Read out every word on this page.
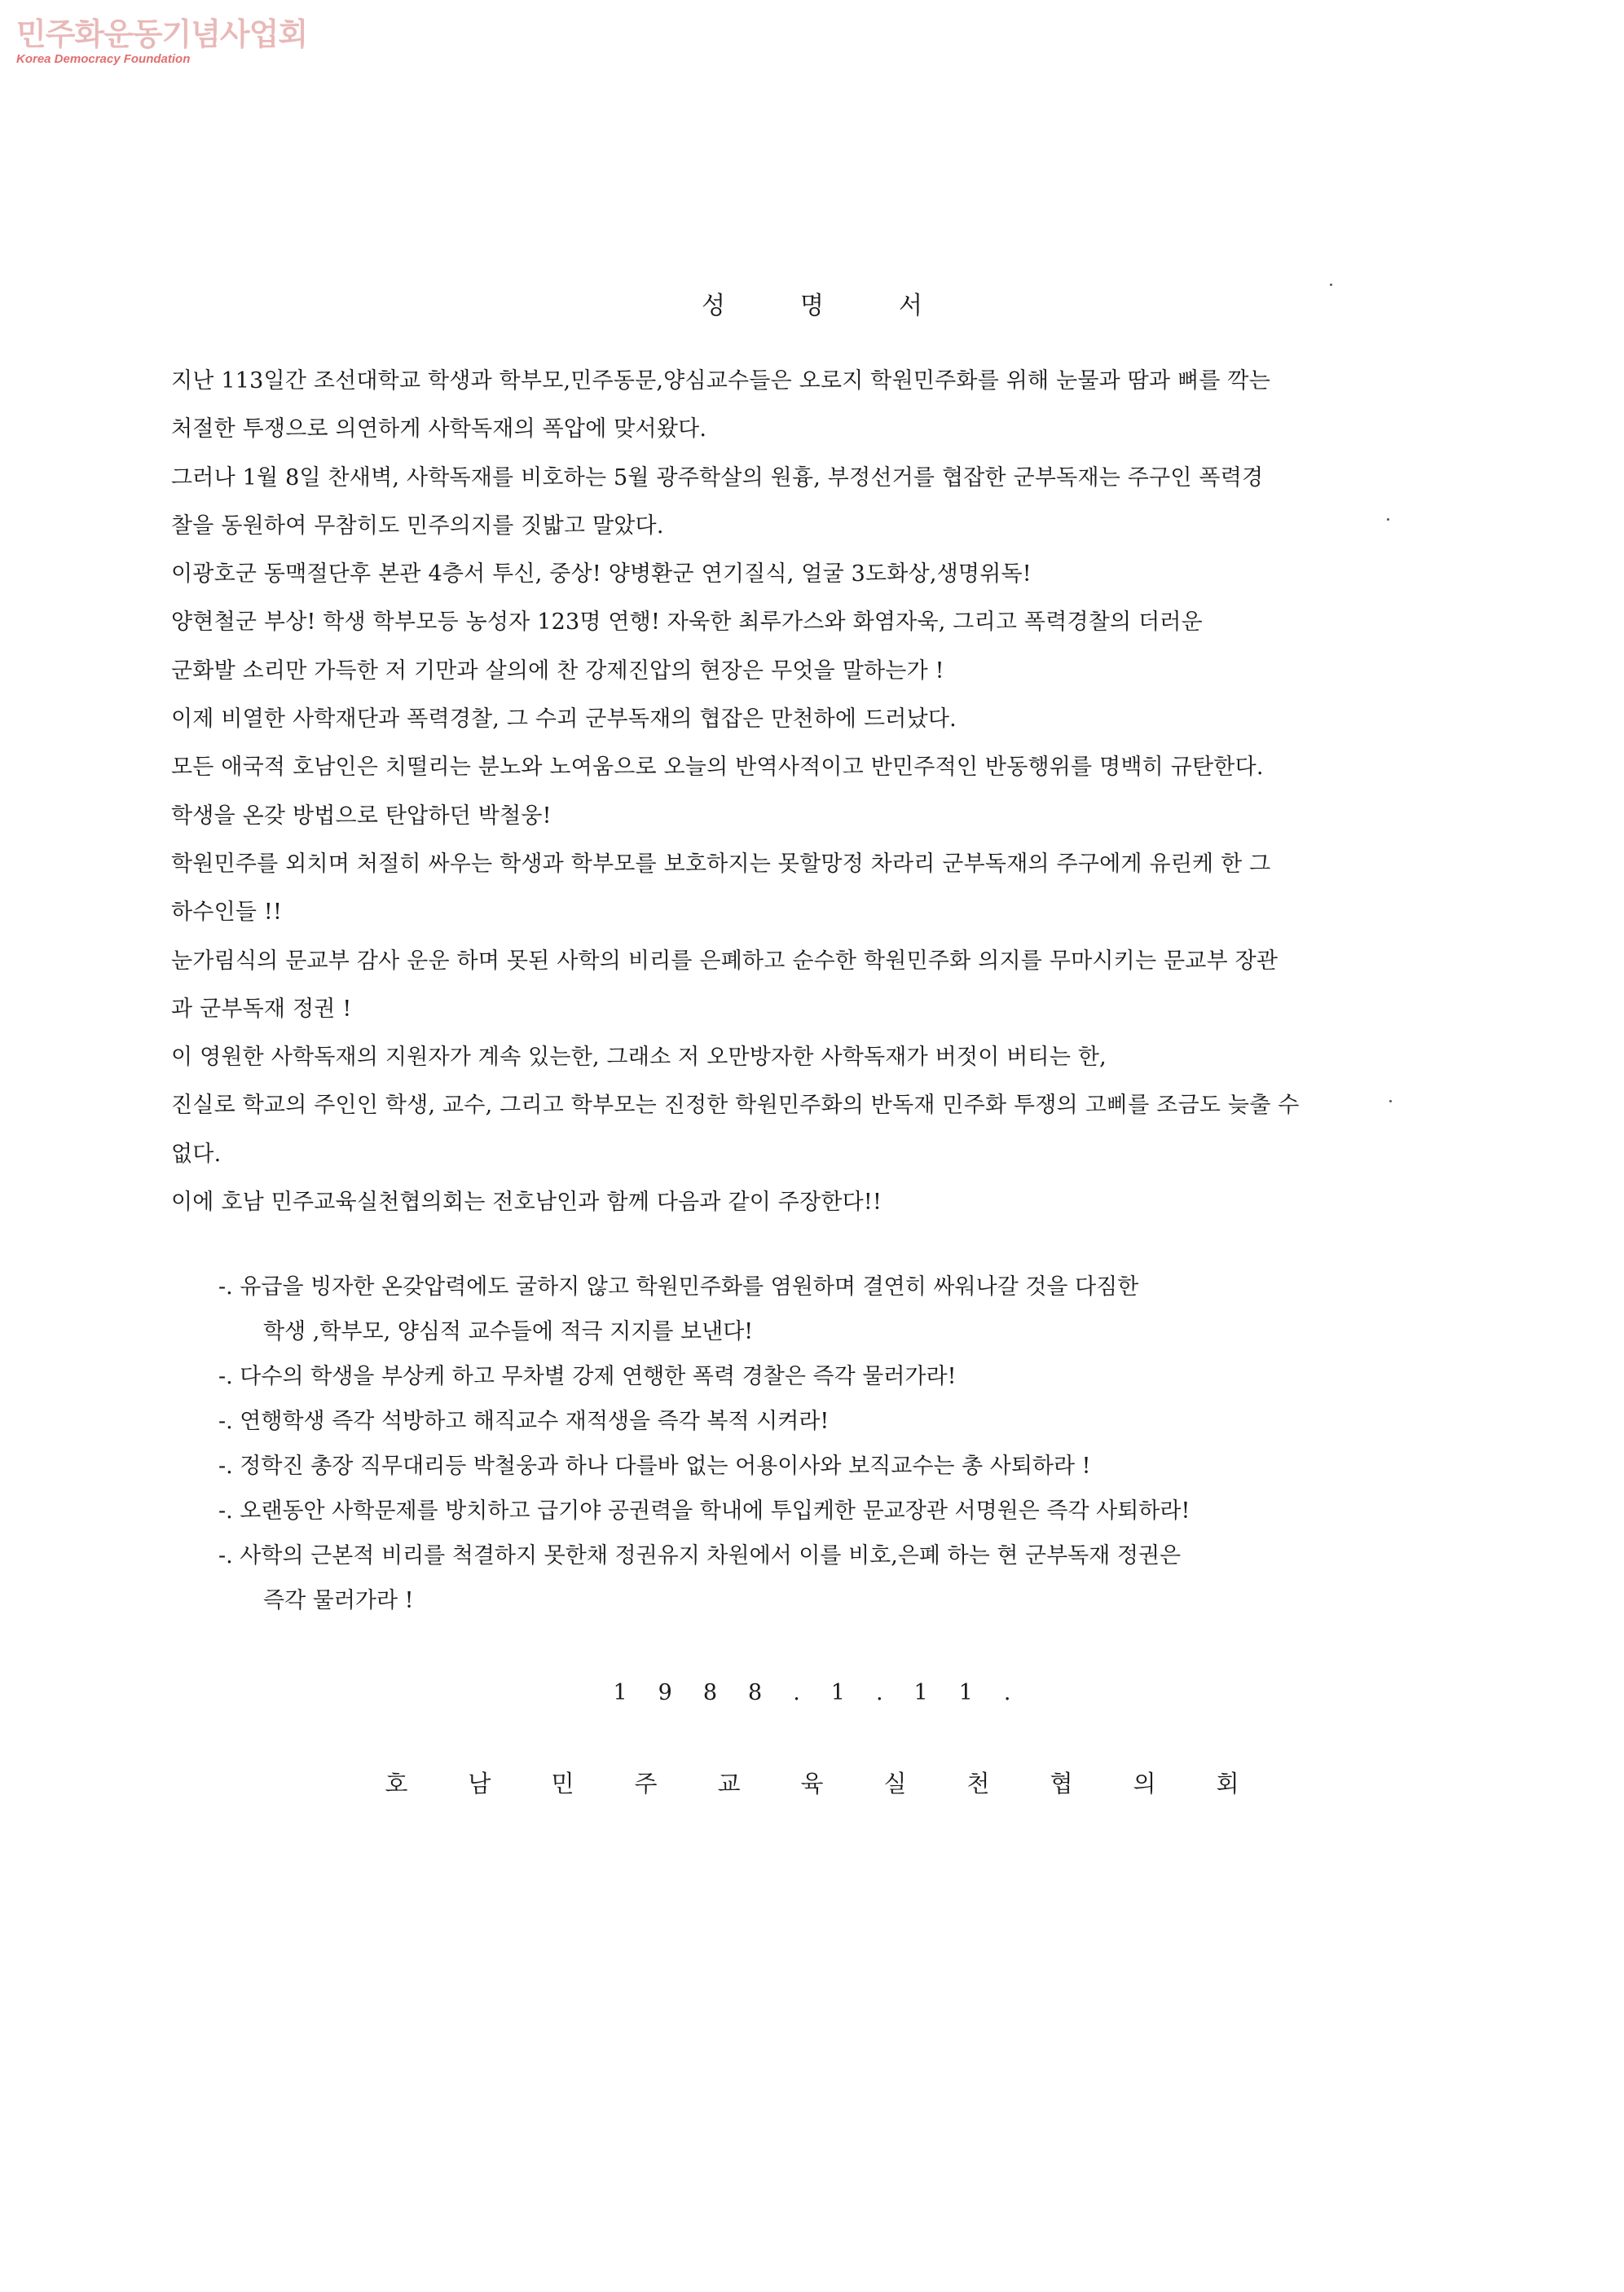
민주화운동기념사업회
Korea Democracy Foundation
성명서
지난 113일간 조선대학교 학생과 학부모,민주동문,양심교수들은 오로지 학원민주화를 위해 눈물과 땀과 뼈를 깍는
처절한 투쟁으로 의연하게 사학독재의 폭압에 맞서왔다.
그러나 1월 8일 찬새벽, 사학독재를 비호하는 5월 광주학살의 원흉, 부정선거를 협잡한 군부독재는 주구인 폭력경
찰을 동원하여 무참히도 민주의지를 짓밟고 말았다.
이광호군 동맥절단후 본관 4층서 투신, 중상! 양병환군 연기질식, 얼굴 3도화상,생명위독!
양현철군 부상! 학생 학부모등 농성자 123명 연행! 자욱한 최루가스와 화염자욱, 그리고 폭력경찰의 더러운
군화발 소리만 가득한 저 기만과 살의에 찬 강제진압의 현장은 무엇을 말하는가 !
이제 비열한 사학재단과 폭력경찰, 그 수괴 군부독재의 협잡은 만천하에 드러났다.
모든 애국적 호남인은 치떨리는 분노와 노여움으로 오늘의 반역사적이고 반민주적인 반동행위를 명백히 규탄한다.
학생을 온갖 방법으로 탄압하던 박철웅!
학원민주를 외치며 처절히 싸우는 학생과 학부모를 보호하지는 못할망정 차라리 군부독재의 주구에게 유린케 한 그
하수인들 !!
눈가림식의 문교부 감사 운운 하며 못된 사학의 비리를 은폐하고 순수한 학원민주화 의지를 무마시키는 문교부 장관
과 군부독재 정권 !
이 영원한 사학독재의 지원자가 계속 있는한, 그래소 저 오만방자한 사학독재가 버젓이 버티는 한,
진실로 학교의 주인인 학생, 교수, 그리고 학부모는 진정한 학원민주화의 반독재 민주화 투쟁의 고삐를 조금도 늦출 수
없다.
이에 호남 민주교육실천협의회는 전호남인과 함께 다음과 같이 주장한다!!
-. 유급을 빙자한 온갖압력에도 굴하지 않고 학원민주화를 염원하며 결연히 싸워나갈 것을 다짐한
학생 ,학부모, 양심적 교수들에 적극 지지를 보낸다!
-. 다수의 학생을 부상케 하고 무차별 강제 연행한 폭력 경찰은 즉각 물러가라!
-. 연행학생 즉각 석방하고 해직교수 재적생을 즉각 복적 시켜라!
-. 정학진 총장 직무대리등 박철웅과 하나 다를바 없는 어용이사와 보직교수는 총 사퇴하라 !
-. 오랜동안 사학문제를 방치하고 급기야 공권력을 학내에 투입케한 문교장관 서명원은 즉각 사퇴하라!
-. 사학의 근본적 비리를 척결하지 못한채 정권유지 차원에서 이를 비호,은폐 하는 현 군부독재 정권은
즉각 물러가라 !
1988.1.11.
호남민주교육실천협의회
